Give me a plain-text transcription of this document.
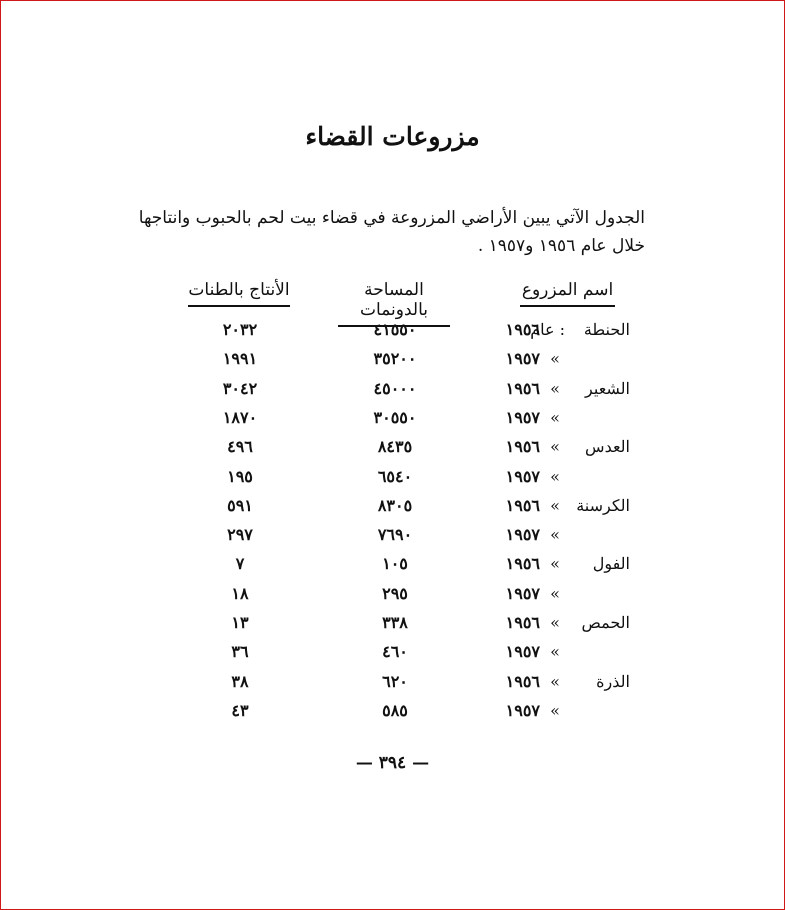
مزروعات القضاء
الجدول الآتي يبين الأراضي المزروعة في قضاء بيت لحم بالحبوب وانتاجها
خلال عام ١٩٥٦ و١٩٥٧ .
اسم المزروع
المساحة بالدونمات
الأنتاج بالطنات
الحنطة
: عام
١٩٥٦
٤١٥٥٠
٢٠٣٢
»
١٩٥٧
٣٥٢٠٠
١٩٩١
الشعير
»
١٩٥٦
٤٥٠٠٠
٣٠٤٢
»
١٩٥٧
٣٠٥٥٠
١٨٧٠
العدس
»
١٩٥٦
٨٤٣٥
٤٩٦
»
١٩٥٧
٦٥٤٠
١٩٥
الكرسنة
»
١٩٥٦
٨٣٠٥
٥٩١
»
١٩٥٧
٧٦٩٠
٢٩٧
الفول
»
١٩٥٦
١٠٥
٧
»
١٩٥٧
٢٩٥
١٨
الحمص
»
١٩٥٦
٣٣٨
١٣
»
١٩٥٧
٤٦٠
٣٦
الذرة
»
١٩٥٦
٦٢٠
٣٨
»
١٩٥٧
٥٨٥
٤٣
— ٣٩٤ —
